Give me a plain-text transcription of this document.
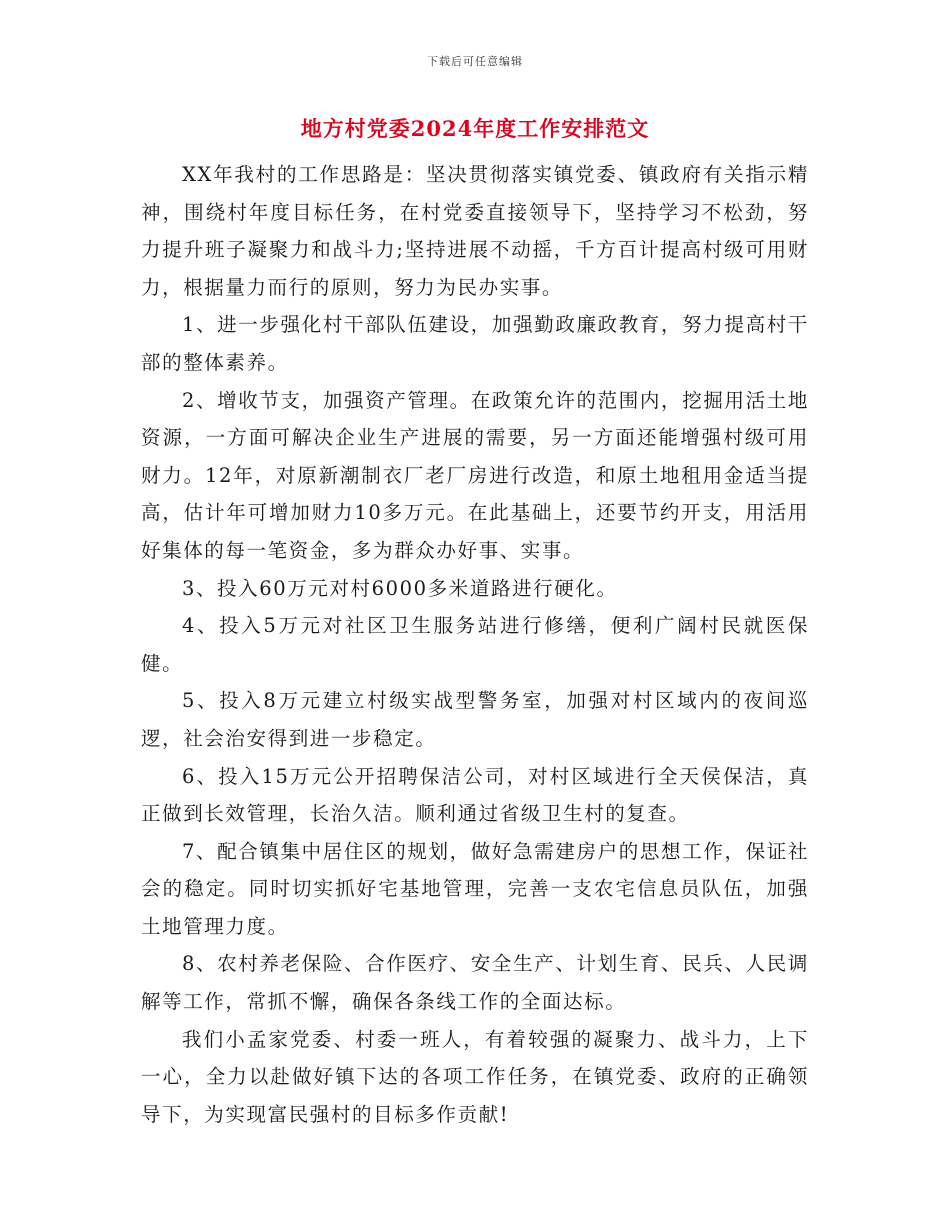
下载后可任意编辑
地方村党委2024年度工作安排范文

XX年我村的工作思路是：坚决贯彻落实镇党委、镇政府有关指示精神，围绕村年度目标任务，在村党委直接领导下，坚持学习不松劲，努力提升班子凝聚力和战斗力;坚持进展不动摇，千方百计提高村级可用财力，根据量力而行的原则，努力为民办实事。

1、进一步强化村干部队伍建设，加强勤政廉政教育，努力提高村干部的整体素养。

2、增收节支，加强资产管理。在政策允许的范围内，挖掘用活土地资源，一方面可解决企业生产进展的需要，另一方面还能增强村级可用财力。12年，对原新潮制衣厂老厂房进行改造，和原土地租用金适当提高，估计年可增加财力10多万元。在此基础上，还要节约开支，用活用好集体的每一笔资金，多为群众办好事、实事。

3、投入60万元对村6000多米道路进行硬化。

4、投入5万元对社区卫生服务站进行修缮，便利广阔村民就医保健。

5、投入8万元建立村级实战型警务室，加强对村区域内的夜间巡逻，社会治安得到进一步稳定。

6、投入15万元公开招聘保洁公司，对村区域进行全天侯保洁，真正做到长效管理，长治久洁。顺利通过省级卫生村的复查。

7、配合镇集中居住区的规划，做好急需建房户的思想工作，保证社会的稳定。同时切实抓好宅基地管理，完善一支农宅信息员队伍，加强土地管理力度。

8、农村养老保险、合作医疗、安全生产、计划生育、民兵、人民调解等工作，常抓不懈，确保各条线工作的全面达标。

我们小孟家党委、村委一班人，有着较强的凝聚力、战斗力，上下一心，全力以赴做好镇下达的各项工作任务，在镇党委、政府的正确领导下，为实现富民强村的目标多作贡献!
